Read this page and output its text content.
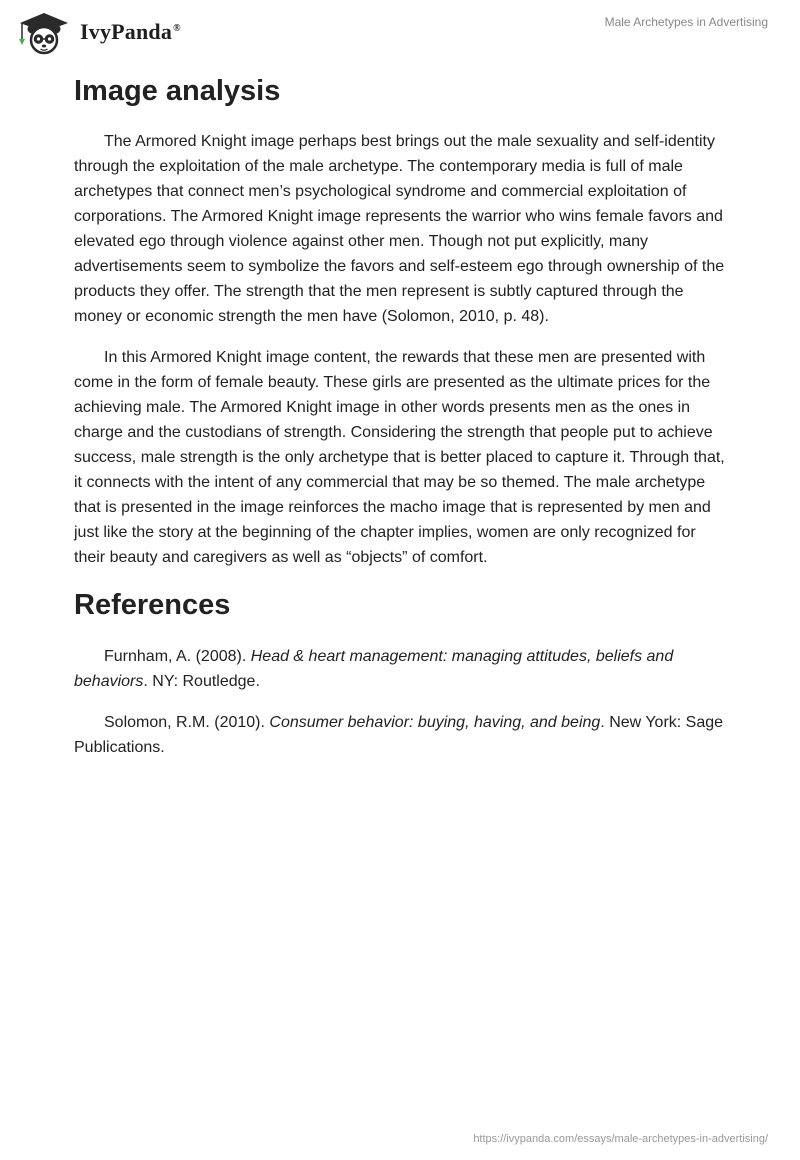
IvyPanda®	Male Archetypes in Advertising
Image analysis

The Armored Knight image perhaps best brings out the male sexuality and self-identity through the exploitation of the male archetype. The contemporary media is full of male archetypes that connect men’s psychological syndrome and commercial exploitation of corporations. The Armored Knight image represents the warrior who wins female favors and elevated ego through violence against other men. Though not put explicitly, many advertisements seem to symbolize the favors and self-esteem ego through ownership of the products they offer. The strength that the men represent is subtly captured through the money or economic strength the men have (Solomon, 2010, p. 48).

In this Armored Knight image content, the rewards that these men are presented with come in the form of female beauty. These girls are presented as the ultimate prices for the achieving male. The Armored Knight image in other words presents men as the ones in charge and the custodians of strength. Considering the strength that people put to achieve success, male strength is the only archetype that is better placed to capture it. Through that, it connects with the intent of any commercial that may be so themed. The male archetype that is presented in the image reinforces the macho image that is represented by men and just like the story at the beginning of the chapter implies, women are only recognized for their beauty and caregivers as well as “objects” of comfort.

References

Furnham, A. (2008). Head & heart management: managing attitudes, beliefs and behaviors. NY: Routledge.

Solomon, R.M. (2010). Consumer behavior: buying, having, and being. New York: Sage Publications.

https://ivypanda.com/essays/male-archetypes-in-advertising/
